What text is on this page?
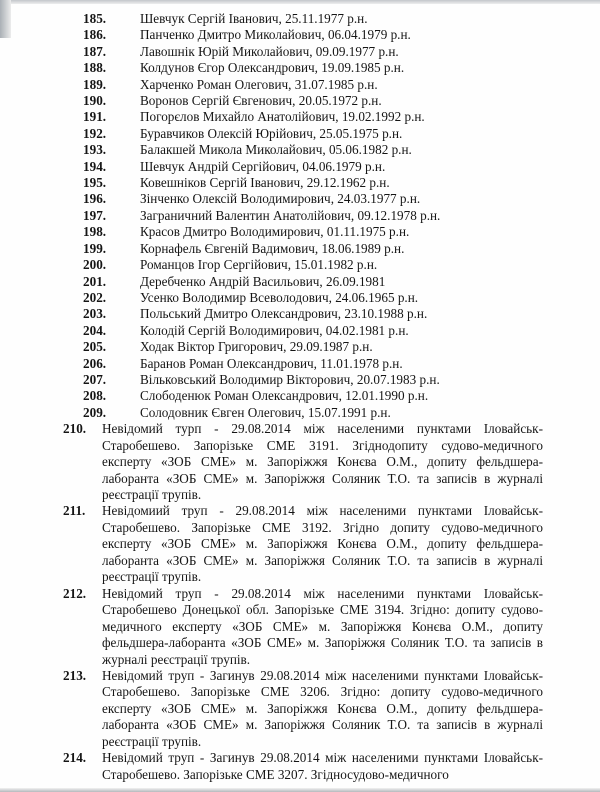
185.	Шевчук Сергій Іванович, 25.11.1977 р.н.
186.	Панченко Дмитро Миколайович, 06.04.1979 р.н.
187.	Лавошнік Юрій Миколайович, 09.09.1977 р.н.
188.	Колдунов Єгор Олександрович, 19.09.1985 р.н.
189.	Харченко Роман Олегович, 31.07.1985 р.н.
190.	Воронов Сергій Євгенович, 20.05.1972 р.н.
191.	Погорєлов Михайло Анатолійович, 19.02.1992 р.н.
192.	Буравчиков Олексій Юрійович, 25.05.1975 р.н.
193.	Балакшей Микола Миколайович, 05.06.1982 р.н.
194.	Шевчук Андрій Сергійович, 04.06.1979 р.н.
195.	Ковешніков Сергій Іванович, 29.12.1962 р.н.
196.	Зінченко Олексій Володимирович, 24.03.1977 р.н.
197.	Заграничний Валентин Анатолійович, 09.12.1978 р.н.
198.	Красов Дмитро Володимирович, 01.11.1975 р.н.
199.	Корнафель Євгеній Вадимович, 18.06.1989 р.н.
200.	Романцов Ігор Сергійович, 15.01.1982 р.н.
201.	Деребченко Андрій Васильович, 26.09.1981
202.	Усенко Володимир Всеволодович, 24.06.1965 р.н.
203.	Польський Дмитро Олександрович, 23.10.1988 р.н.
204.	Колодій Сергій Володимирович, 04.02.1981 р.н.
205.	Ходак Віктор Григорович, 29.09.1987 р.н.
206.	Баранов Роман Олександрович, 11.01.1978 р.н.
207.	Вільковський Володимир Вікторович, 20.07.1983 р.н.
208.	Слободенюк Роман Олександрович, 12.01.1990 р.н.
209.	Солодовник Євген Олегович, 15.07.1991 р.н.
210.	Невідомий турп - 29.08.2014 між населеними пунктами Іловайськ-Старобешево. Запорізьке СМЕ 3191. Згіднодопиту судово-медичного експерту «ЗОБ СМЕ» м. Запоріжжя Конєва О.М., допиту фельдшера-лаборанта «ЗОБ СМЕ» м. Запоріжжя Соляник Т.О. та записів в журналі реєстрації трупів.
211.	Невідомиий труп - 29.08.2014 між населеними пунктами Іловайськ-Старобешево. Запорізьке СМЕ 3192. Згідно допиту судово-медичного експерту «ЗОБ СМЕ» м. Запоріжжя Конєва О.М., допиту фельдшера-лаборанта «ЗОБ СМЕ» м. Запоріжжя Соляник Т.О. та записів в журналі реєстрації трупів.
212.	Невідомий труп - 29.08.2014 між населеними пунктами Іловайськ-Старобешево Донецької обл. Запорізьке СМЕ 3194. Згідно: допиту судово-медичного експерту «ЗОБ СМЕ» м. Запоріжжя Конєва О.М., допиту фельдшера-лаборанта «ЗОБ СМЕ» м. Запоріжжя Соляник Т.О. та записів в журналі реєстрації трупів.
213.	Невідомий труп - Загинув 29.08.2014 між населеними пунктами Іловайськ-Старобешево. Запорізьке СМЕ 3206. Згідно: допиту судово-медичного експерту «ЗОБ СМЕ» м. Запоріжжя Конєва О.М., допиту фельдшера-лаборанта «ЗОБ СМЕ» м. Запоріжжя Соляник Т.О. та записів в журналі реєстрації трупів.
214.	Невідомий труп - Загинув 29.08.2014 між населеними пунктами Іловайськ-Старобешево. Запорізьке СМЕ 3207. Згідносудово-медичного
